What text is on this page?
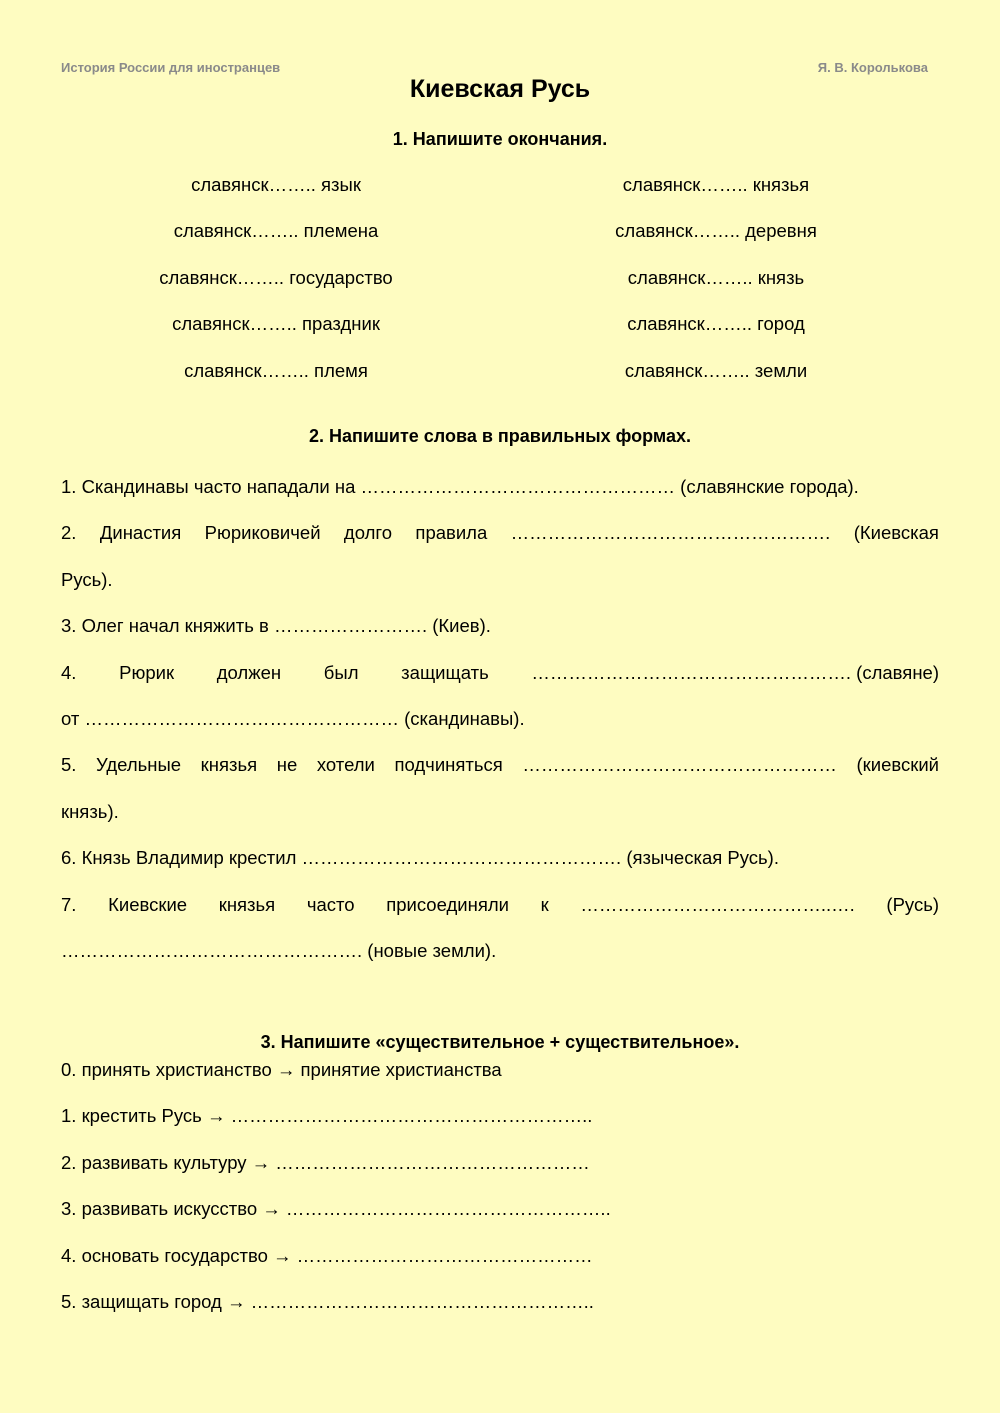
История России для иностранцев	Я. В. Королькова
Киевская Русь
1. Напишите окончания.
славянск…….. язык
славянск…….. племена
славянск…….. государство
славянск…….. праздник
славянск…….. племя
славянск…….. князья
славянск…….. деревня
славянск…….. князь
славянск…….. город
славянск…….. земли
2. Напишите слова в правильных формах.
1. Скандинавы часто нападали на …………………………………………… (славянские города).
2. Династия Рюриковичей долго правила ……………………………………………. (Киевская
Русь).
3. Олег начал княжить в ……………………. (Киев).
4. Рюрик должен был защищать ……………………………………………. (славяне)
от …………………………………………… (скандинавы).
5. Удельные князья не хотели подчиняться …………………………………………… (киевский
князь).
6. Князь Владимир крестил ……………………………………………. (языческая Русь).
7. Киевские князья часто присоединяли к …………………………………..…. (Русь)
…………………………………………. (новые земли).
3. Напишите «существительное + существительное».
0. принять христианство → принятие христианства
1. крестить Русь → …………………………………………………..
2. развивать культуру → ……………………………………………
3. развивать искусство → ……………………………………………..
4. основать государство → …………………………………………
5. защищать город → ………………………………………………..
